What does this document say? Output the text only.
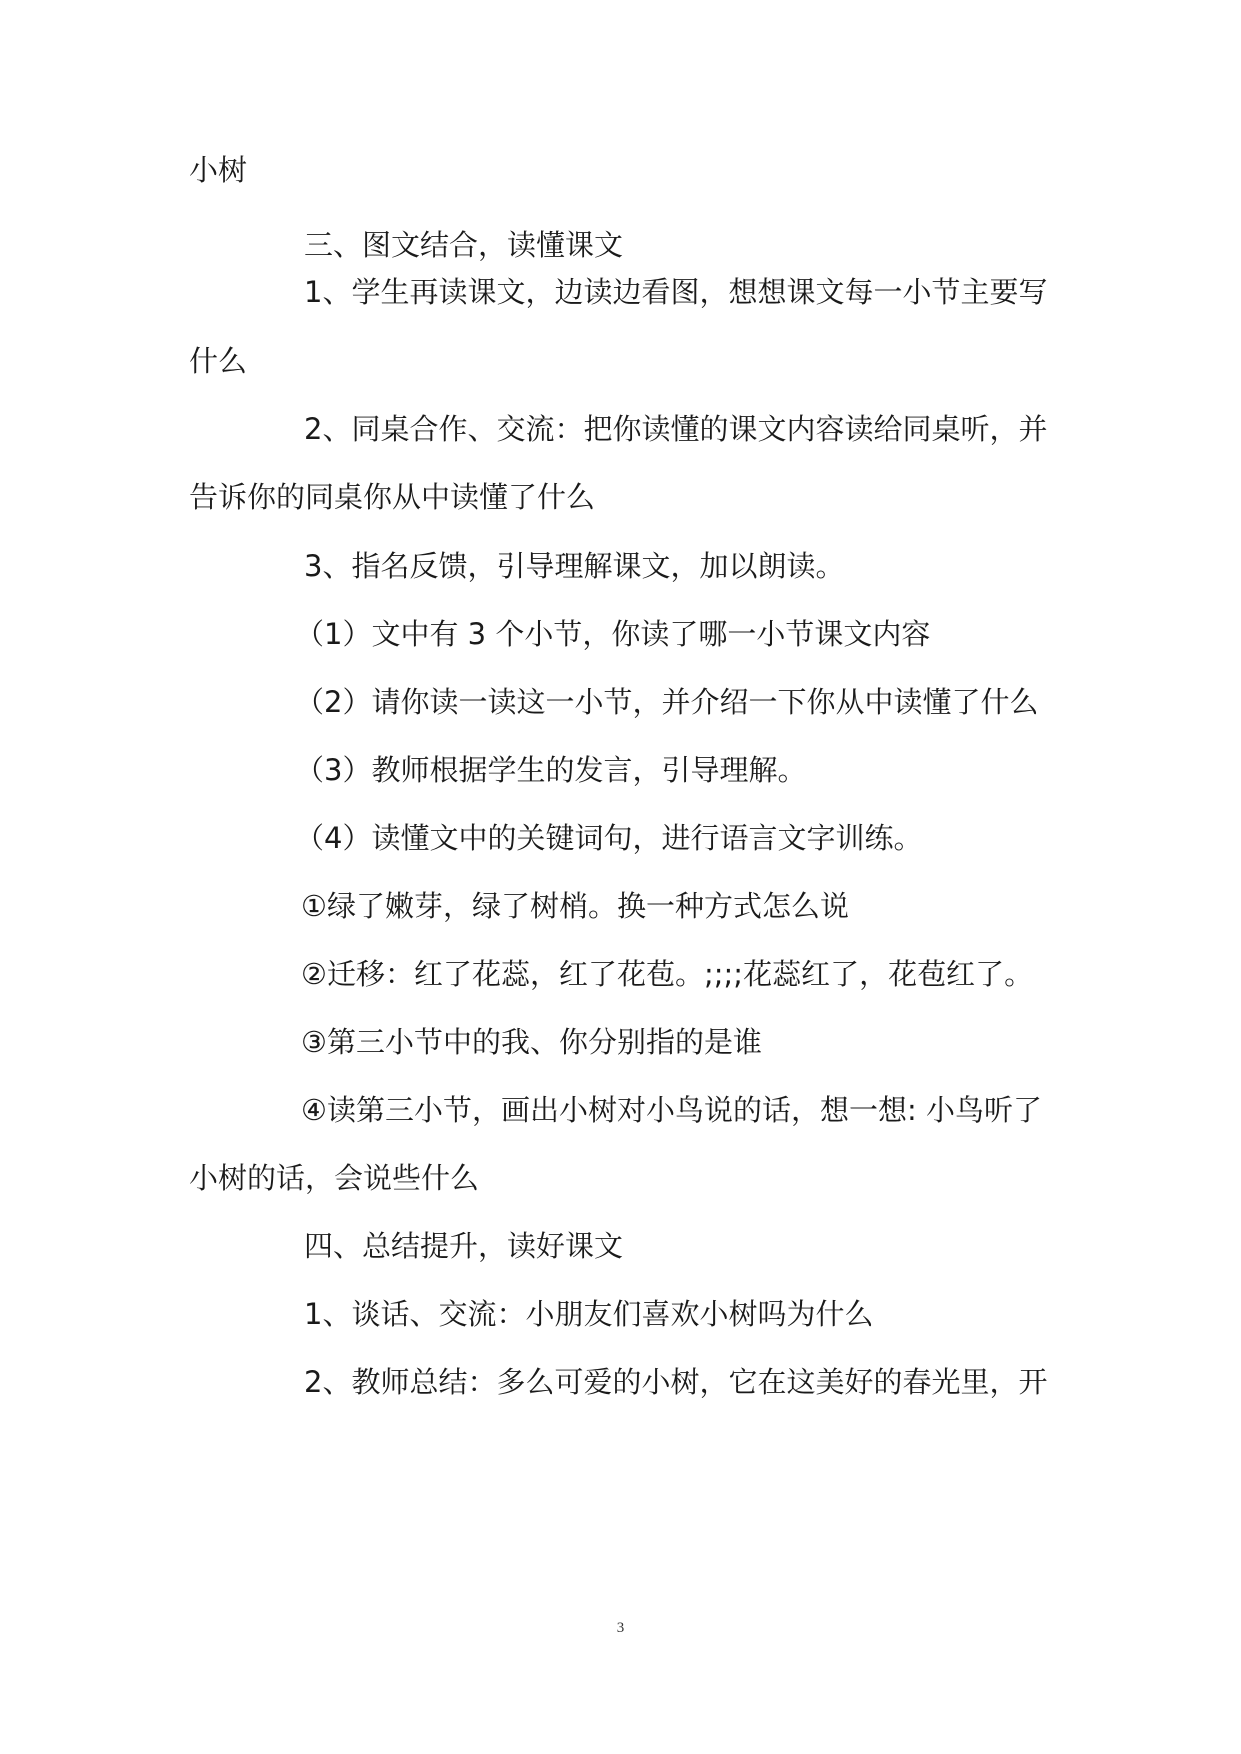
小树
三、图文结合，读懂课文
1、学生再读课文，边读边看图，想想课文每一小节主要写
什么
2、同桌合作、交流：把你读懂的课文内容读给同桌听，并
告诉你的同桌你从中读懂了什么
3、指名反馈，引导理解课文，加以朗读。
（1）文中有 3 个小节，你读了哪一小节课文内容
（2）请你读一读这一小节，并介绍一下你从中读懂了什么
（3）教师根据学生的发言，引导理解。
（4）读懂文中的关键词句，进行语言文字训练。
①绿了嫩芽，绿了树梢。换一种方式怎么说
②迁移：红了花蕊，红了花苞。;;;;花蕊红了，花苞红了。
③第三小节中的我、你分别指的是谁
④读第三小节，画出小树对小鸟说的话，想一想: 小鸟听了
小树的话，会说些什么
四、总结提升，读好课文
1、谈话、交流：小朋友们喜欢小树吗为什么
2、教师总结：多么可爱的小树，它在这美好的春光里，开
3
